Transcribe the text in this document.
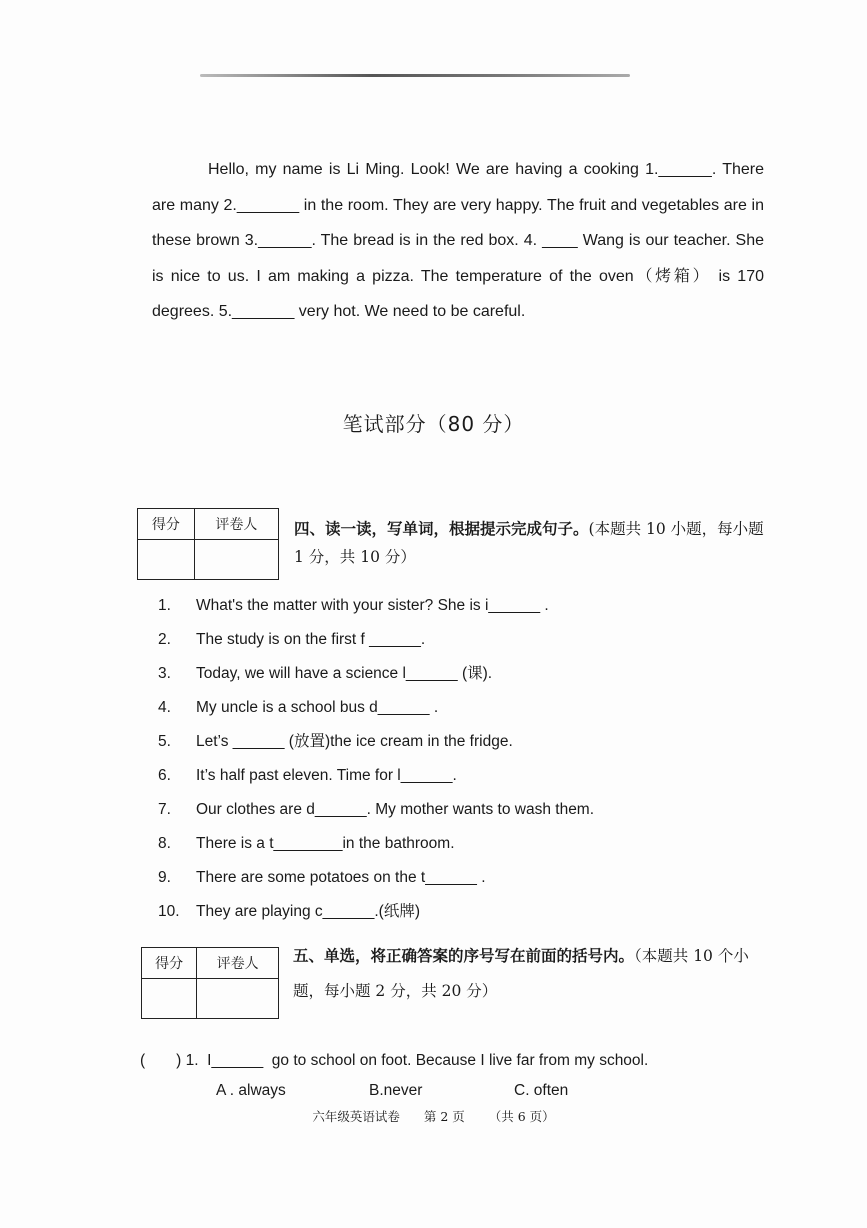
Hello, my name is Li Ming. Look! We are having a cooking 1.______. There are many 2._______ in the room. They are very happy. The fruit and vegetables are in these brown 3.______. The bread is in the red box. 4. ____ Wang is our teacher. She is nice to us. I am making a pizza. The temperature of the oven（烤箱） is 170 degrees. 5._______ very hot. We need to be careful.

笔试部分（80 分）
得分	评卷人
	四、读一读，写单词，根据提示完成句子。(本题共 10 小题，每小题 1 分，共 10 分）
1.	What's the matter with your sister? She is i______ .
2.	The study is on the first f ______.
3.	Today, we will have a science l______ (课).
4.	My uncle is a school bus d______ .
5.	Let’s ______ (放置)the ice cream in the fridge.
6.	It’s half past eleven. Time for l______.
7.	Our clothes are d______. My mother wants to wash them.
8.	There is a t________in the bathroom.
9.	There are some potatoes on the t______ .
10.	They are playing c______.(纸牌)
得分	评卷人
	五、单选，将正确答案的序号写在前面的括号内。（本题共 10 个小题，每小题 2 分，共 20 分）
(　　) 1.  I______  go to school on foot. Because I live far from my school.
A . always	B.never	C. often
六年级英语试卷 第 2 页 （共 6 页）
